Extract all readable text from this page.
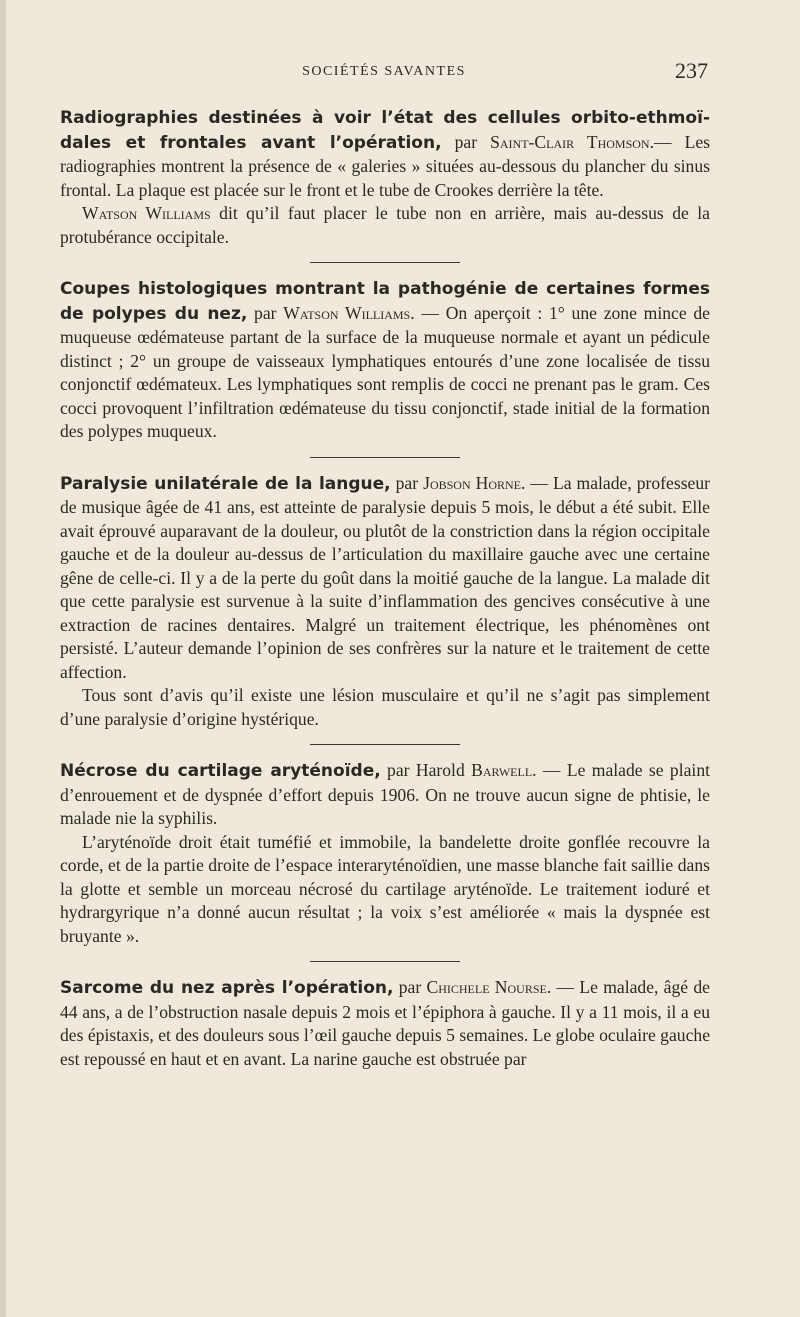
SOCIÉTÉS SAVANTES	237

Radiographies destinées à voir l’état des cellules orbito-ethmoïdales et frontales avant l’opération, par Saint-Clair Thomson.— Les radiographies montrent la présence de « galeries » situées au-dessous du plancher du sinus frontal. La plaque est placée sur le front et le tube de Crookes derrière la tête.

Watson Williams dit qu’il faut placer le tube non en arrière, mais au-dessus de la protubérance occipitale.

Coupes histologiques montrant la pathogénie de certaines formes de polypes du nez, par Watson Williams. — On aperçoit : 1° une zone mince de muqueuse œdémateuse partant de la surface de la muqueuse normale et ayant un pédicule distinct ; 2° un groupe de vaisseaux lymphatiques entourés d’une zone localisée de tissu conjonctif œdémateux. Les lymphatiques sont remplis de cocci ne prenant pas le gram. Ces cocci provoquent l’infiltration œdémateuse du tissu conjonctif, stade initial de la formation des polypes muqueux.

Paralysie unilatérale de la langue, par Jobson Horne. — La malade, professeur de musique âgée de 41 ans, est atteinte de paralysie depuis 5 mois, le début a été subit. Elle avait éprouvé auparavant de la douleur, ou plutôt de la constriction dans la région occipitale gauche et de la douleur au-dessus de l’articulation du maxillaire gauche avec une certaine gêne de celle-ci. Il y a de la perte du goût dans la moitié gauche de la langue. La malade dit que cette paralysie est survenue à la suite d’inflammation des gencives consécutive à une extraction de racines dentaires. Malgré un traitement électrique, les phénomènes ont persisté. L’auteur demande l’opinion de ses confrères sur la nature et le traitement de cette affection.

Tous sont d’avis qu’il existe une lésion musculaire et qu’il ne s’agit pas simplement d’une paralysie d’origine hystérique.

Nécrose du cartilage aryténoïde, par Harold Barwell. — Le malade se plaint d’enrouement et de dyspnée d’effort depuis 1906. On ne trouve aucun signe de phtisie, le malade nie la syphilis.

L’aryténoïde droit était tuméfié et immobile, la bandelette droite gonflée recouvre la corde, et de la partie droite de l’espace interaryténoïdien, une masse blanche fait saillie dans la glotte et semble un morceau nécrosé du cartilage aryténoïde. Le traitement ioduré et hydrargyrique n’a donné aucun résultat ; la voix s’est améliorée « mais la dyspnée est bruyante ».

Sarcome du nez après l’opération, par Chichele Nourse. — Le malade, âgé de 44 ans, a de l’obstruction nasale depuis 2 mois et l’épiphora à gauche. Il y a 11 mois, il a eu des épistaxis, et des douleurs sous l’œil gauche depuis 5 semaines. Le globe oculaire gauche est repoussé en haut et en avant. La narine gauche est obstruée par
